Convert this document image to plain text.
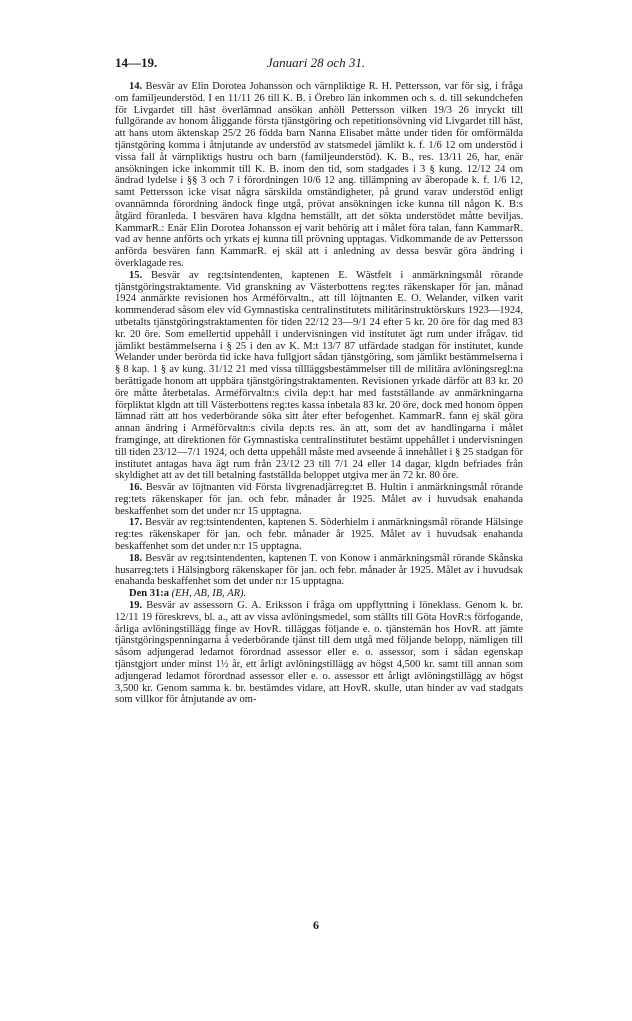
14—19.	Januari 28 och 31.

14. Besvär av Elin Dorotea Johansson och värnpliktige R. H. Pettersson, var för sig, i fråga om familjeunderstöd. I en 11/11 26 till K. B. i Örebro län inkommen och s. d. till sekundchefen för Livgardet till häst överlämnad ansökan anhöll Pettersson vilken 19/3 26 inryckt till fullgörande av honom åliggande första tjänstgöring och repetitionsövning vid Livgardet till häst, att hans utom äktenskap 25/2 26 födda barn Nanna Elisabet måtte under tiden för omförmälda tjänstgöring komma i åtnjutande av understöd av statsmedel jämlikt k. f. 1/6 12 om understöd i vissa fall åt värnpliktigs hustru och barn (familjeunderstöd). K. B., res. 13/11 26, har, enär ansökningen icke inkommit till K. B. inom den tid, som stadgades i 3 § kung. 12/12 24 om ändrad lydelse i §§ 3 och 7 i förordningen 10/6 12 ang. tillämpning av åberopade k. f. 1/6 12, samt Pettersson icke visat några särskilda omständigheter, på grund varav understöd enligt ovannämnda förordning ändock finge utgå, prövat ansökningen icke kunna till någon K. B:s åtgärd föranleda. I besvären hava klgdna hemställt, att det sökta understödet måtte beviljas. KammarR.: Enär Elin Dorotea Johansson ej varit behörig att i målet föra talan, fann KammarR. vad av henne anförts och yrkats ej kunna till prövning upptagas. Vidkommande de av Pettersson anförda besvären fann KammarR. ej skäl att i anledning av dessa besvär göra ändring i överklagade res.

15. Besvär av reg:tsintendenten, kaptenen E. Wästfelt i anmärkningsmål rörande tjänstgöringstraktamente. Vid granskning av Västerbottens reg:tes räkenskaper för jan. månad 1924 anmärkte revisionen hos Arméförvaltn., att till löjtnanten E. O. Welander, vilken varit kommenderad såsom elev vid Gymnastiska centralinstitutets militärinstruktörskurs 1923—1924, utbetalts tjänstgöringstraktamenten för tiden 22/12 23—9/1 24 efter 5 kr. 20 öre för dag med 83 kr. 20 öre. Som emellertid uppehåll i undervisningen vid institutet ägt rum under ifrågav. tid jämlikt bestämmelserna i § 25 i den av K. M:t 13/7 87 utfärdade stadgan för institutet, kunde Welander under berörda tid icke hava fullgjort sådan tjänstgöring, som jämlikt bestämmelserna i § 8 kap. 1 § av kung. 31/12 21 med vissa tillläggsbestämmelser till de militära avlöningsregl:na berättigade honom att uppbära tjänstgöringstraktamenten. Revisionen yrkade därför att 83 kr. 20 öre måtte återbetalas. Arméförvaltn:s civila dep:t har med fastställande av anmärkningarna förpliktat klgdn att till Västerbottens reg:tes kassa inbetala 83 kr. 20 öre, dock med honom öppen lämnad rätt att hos vederbörande söka sitt åter efter befogenhet. KammarR. fann ej skäl göra annan ändring i Arméförvaltn:s civila dep:ts res. än att, som det av handlingarna i målet framginge, att direktionen för Gymnastiska centralinstitutet bestämt uppehållet i undervisningen till tiden 23/12—7/1 1924, och detta uppehåll måste med avseende å innehållet i § 25 stadgan för institutet antagas hava ägt rum från 23/12 23 till 7/1 24 eller 14 dagar, klgdn befriades från skyldighet att av det till betalning fastställda beloppet utgiva mer än 72 kr. 80 öre.

16. Besvär av löjtnanten vid Första livgrenadjärreg:tet B. Hultin i anmärkningsmål rörande reg:tets räkenskaper för jan. och febr. månader år 1925. Målet av i huvudsak enahanda beskaffenhet som det under n:r 15 upptagna.

17. Besvär av reg:tsintendenten, kaptenen S. Söderhielm i anmärkningsmål rörande Hälsinge reg:tes räkenskaper för jan. och febr. månader år 1925. Målet av i huvudsak enahanda beskaffenhet som det under n:r 15 upptagna.

18. Besvär av reg:tsintendenten, kaptenen T. von Konow i anmärkningsmål rörande Skånska husarreg:tets i Hälsingborg räkenskaper för jan. och febr. månader år 1925. Målet av i huvudsak enahanda beskaffenhet som det under n:r 15 upptagna.

Den 31:a (EH, AB, IB, AR).

19. Besvär av assessorn G. A. Eriksson i fråga om uppflyttning i löneklass. Genom k. br. 12/11 19 föreskrevs, bl. a., att av vissa avlöningsmedel, som ställts till Göta HovR:s förfogande, årliga avlöningstillägg finge av HovR. tilläggas följande e. o. tjänstemän hos HovR. att jämte tjänstgöringspenningarna å vederbörande tjänst till dem utgå med följande belopp, nämligen till såsom adjungerad ledamot förordnad assessor eller e. o. assessor, som i sådan egenskap tjänstgjort under minst 1½ år, ett årligt avlöningstillägg av högst 4,500 kr. samt till annan som adjungerad ledamot förordnad assessor eller e. o. assessor ett årligt avlöningstillägg av högst 3,500 kr. Genom samma k. br. bestämdes vidare, att HovR. skulle, utan hinder av vad stadgats som villkor för åtnjutande av om-

6
